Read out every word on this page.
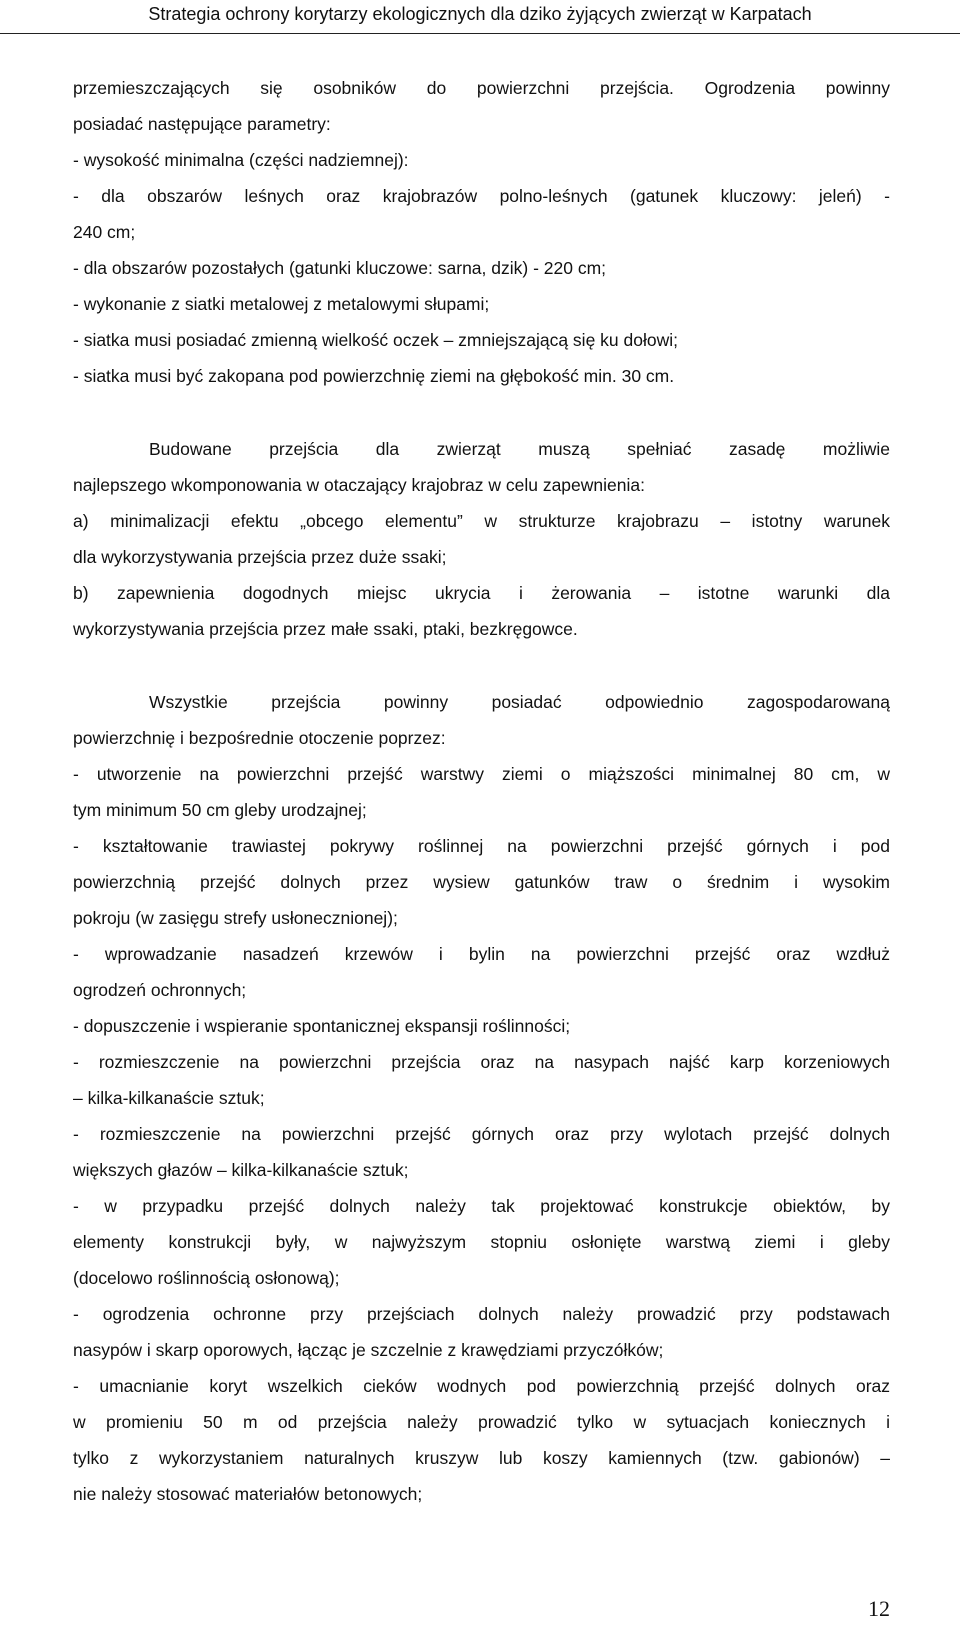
Strategia ochrony korytarzy ekologicznych dla dziko żyjących zwierząt w Karpatach
przemieszczających się osobników do powierzchni przejścia. Ogrodzenia powinny
posiadać następujące parametry:
- wysokość minimalna (części nadziemnej):
- dla obszarów leśnych oraz krajobrazów polno-leśnych (gatunek kluczowy: jeleń) -
240 cm;
- dla obszarów pozostałych (gatunki kluczowe: sarna, dzik) - 220 cm;
- wykonanie z siatki metalowej z metalowymi słupami;
- siatka musi posiadać zmienną wielkość oczek – zmniejszającą się ku dołowi;
- siatka musi być zakopana pod powierzchnię ziemi na głębokość min. 30 cm.
Budowane przejścia dla zwierząt muszą spełniać zasadę możliwie
najlepszego wkomponowania w otaczający krajobraz w celu zapewnienia:
a) minimalizacji efektu „obcego elementu” w strukturze krajobrazu – istotny warunek
dla wykorzystywania przejścia przez duże ssaki;
b) zapewnienia dogodnych miejsc ukrycia i żerowania – istotne warunki dla
wykorzystywania przejścia przez małe ssaki, ptaki, bezkręgowce.
Wszystkie przejścia powinny posiadać odpowiednio zagospodarowaną
powierzchnię i bezpośrednie otoczenie poprzez:
- utworzenie na powierzchni przejść warstwy ziemi o miąższości minimalnej 80 cm, w
tym minimum 50 cm gleby urodzajnej;
- kształtowanie trawiastej pokrywy roślinnej na powierzchni przejść górnych i pod
powierzchnią przejść dolnych przez wysiew gatunków traw o średnim i wysokim
pokroju (w zasięgu strefy usłonecznionej);
- wprowadzanie nasadzeń krzewów i bylin na powierzchni przejść oraz wzdłuż
ogrodzeń ochronnych;
- dopuszczenie i wspieranie spontanicznej ekspansji roślinności;
- rozmieszczenie na powierzchni przejścia oraz na nasypach najść karp korzeniowych
– kilka-kilkanaście sztuk;
- rozmieszczenie na powierzchni przejść górnych oraz przy wylotach przejść dolnych
większych głazów – kilka-kilkanaście sztuk;
- w przypadku przejść dolnych należy tak projektować konstrukcje obiektów, by
elementy konstrukcji były, w najwyższym stopniu osłonięte warstwą ziemi i gleby
(docelowo roślinnością osłonową);
- ogrodzenia ochronne przy przejściach dolnych należy prowadzić przy podstawach
nasypów i skarp oporowych, łącząc je szczelnie z krawędziami przyczółków;
- umacnianie koryt wszelkich cieków wodnych pod powierzchnią przejść dolnych oraz
w promieniu 50 m od przejścia należy prowadzić tylko w sytuacjach koniecznych i
tylko z wykorzystaniem naturalnych kruszyw lub koszy kamiennych (tzw. gabionów) –
nie należy stosować materiałów betonowych;
12
